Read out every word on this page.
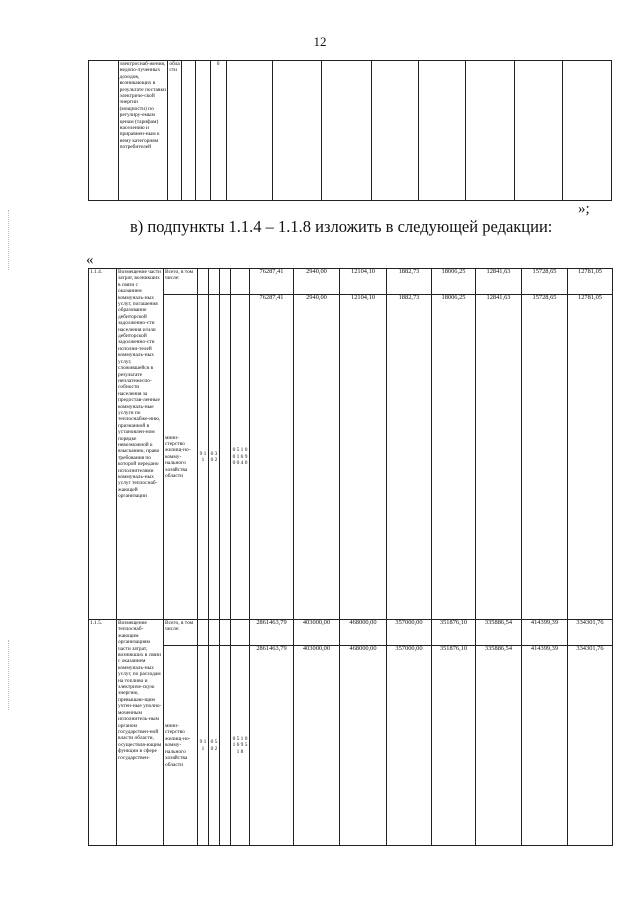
12
	электроснаб-жения, недопо-лученных доходов, возникающих в результате поставки электриче-ской энергии (мощности) по регулиру-емым ценам (тарифам) населению и приравнен-ным к нему категориям потребителей	области			0								
»;
в) подпункты 1.1.4 – 1.1.8 изложить в следующей редакции:
«
1.1.4.	Возмещение части затрат, возникших в связи с оказанием коммуналь-ных услуг, погашения образование дебиторской задолженно-сти населения и/или дебиторской задолженно-сти исполни-телей коммуналь-ных услуг, сложившейся в результате неплатежеспо-собности населения за предостав-ленные коммуналь-ные услуги по теплоснабже-нию, признанной в установлен-ном порядке невозможной к взысканию, право требования по которой передано исполнителями коммуналь-ных услуг теплоснаб-жающей организации	Всего, в том числе:					76287,41	2940,00	12104,10	1882,73	18006,25	12841,63	15728,65	12781,05
		мини-стерство жилищ-но-комму-нального хозяйства области	9 1 1	0 3 0 2		0 5 1 0 0 1 6 9 0 0 4 0	76287,41	2940,00	12104,10	1882,73	18006,25	12841,63	15728,65	12781,05
1.1.5.	Возмещение теплоснаб-жающим организациям части затрат, возникших в связи с оказанием коммуналь-ных услуг, по расходам на топливо и электриче-скую энергию, превышаю-щим учтен-ные уполно-моченным исполнитель-ным органом государствен-ной власти области, осуществля-ющим функции в сфере государствен-	Всего, в том числе:					2861463,79	403000,00	468000,00	357000,00	351876,10	335886,54	414399,39	334301,76
		мини-стерство жилищ-но-комму-нального хозяйства области	9 1 1	0 5 0 2		0 5 1 0 1 6 9 5 1 8	2861463,79	403000,00	468000,00	357000,00	351876,10	335886,54	414399,39	334301,76
